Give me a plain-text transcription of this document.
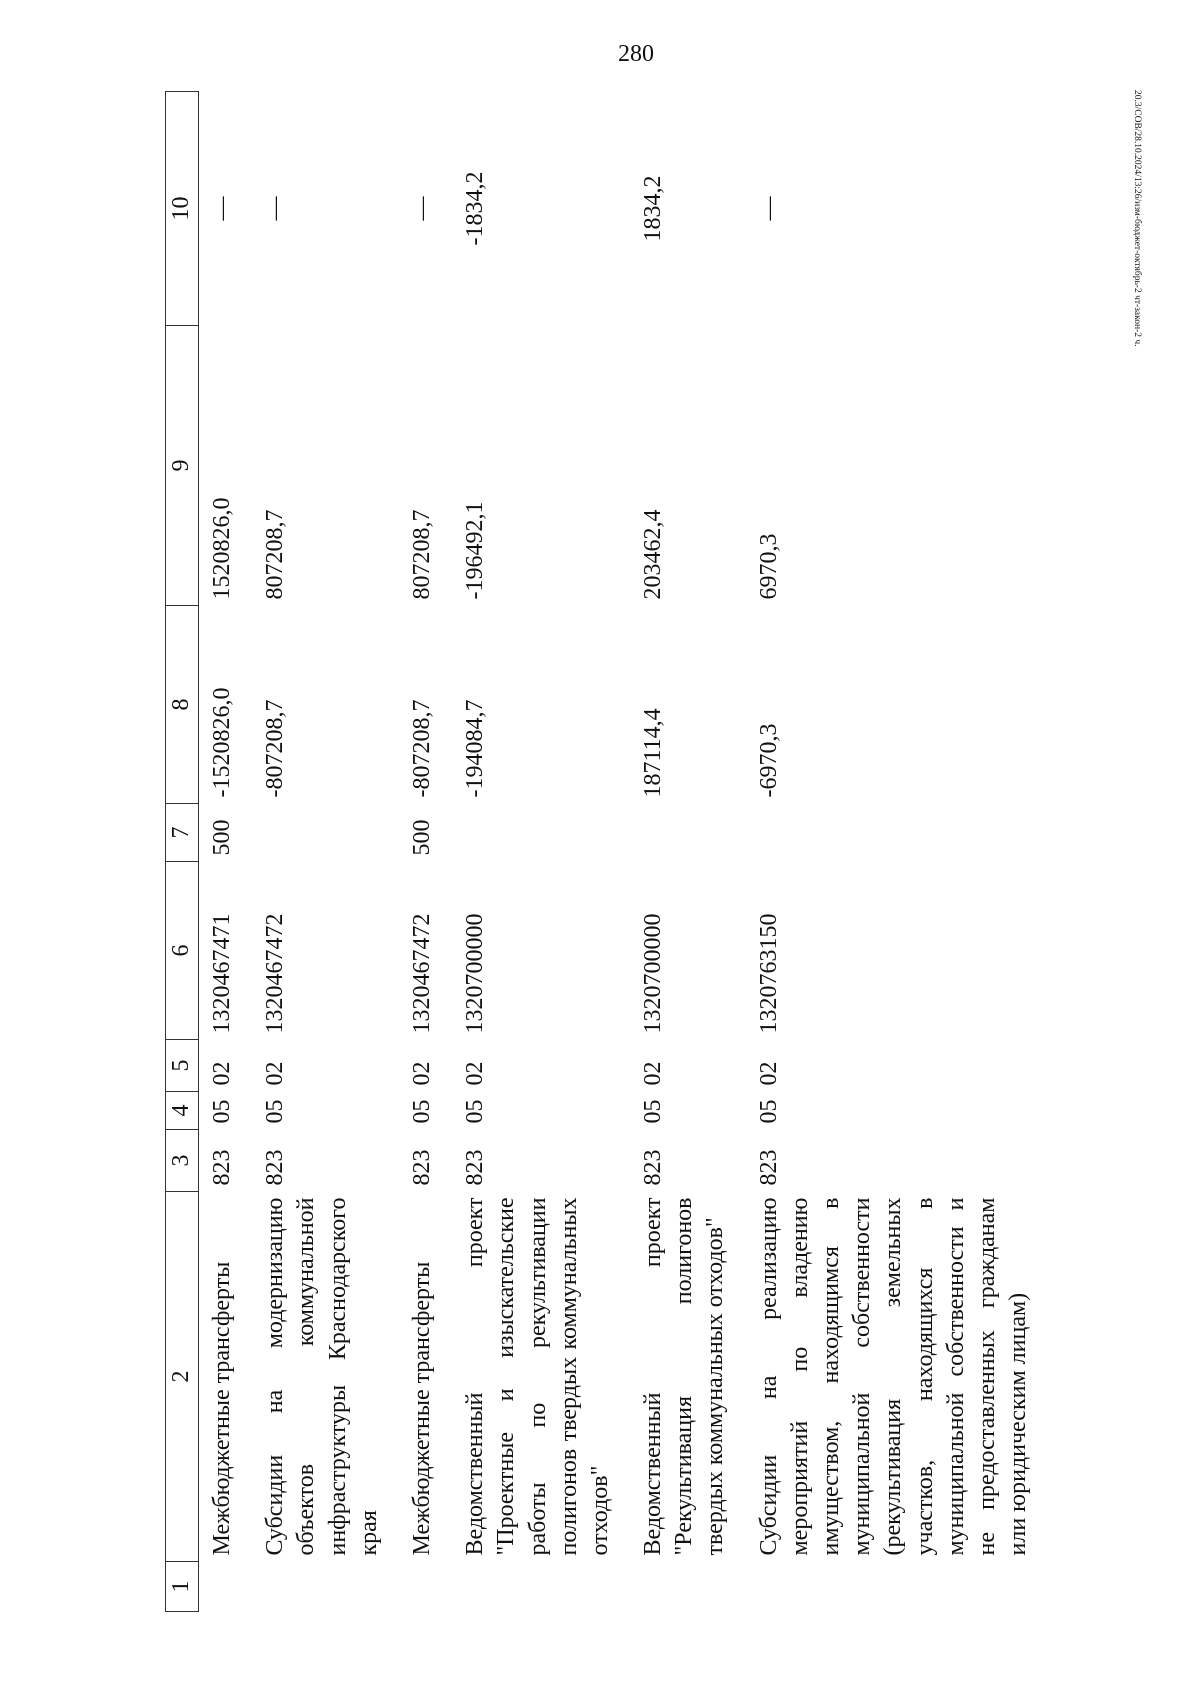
280
20.3/СОВ/28.10.2024/13:26/изм-бюджет-октябрь-2 чт-закон-2 ч.
1	2	3	4	5	6	7	8	9	10
	Межбюджетные трансферты	823	05	02	1320467471	500	-1520826,0	1520826,0	—
	Субсидии на модернизацию объектов коммунальной инфраструктуры Краснодарского края	823	05	02	1320467472		-807208,7	807208,7	—
	Межбюджетные трансферты	823	05	02	1320467472	500	-807208,7	807208,7	—
	Ведомственный проект "Проектные и изыскательские работы по рекультивации полигонов твердых коммунальных отходов"	823	05	02	1320700000		-194084,7	-196492,1	-1834,2
	Ведомственный проект "Рекультивация полигонов твердых коммунальных отходов"	823	05	02	1320700000		187114,4	203462,4	1834,2
	Субсидии на реализацию мероприятий по владению имуществом, находящимся в муниципальной собственности (рекультивация земельных участков, находящихся в муниципальной собственности и не предоставленных гражданам или юридическим лицам)	823	05	02	1320763150		-6970,3	6970,3	—
